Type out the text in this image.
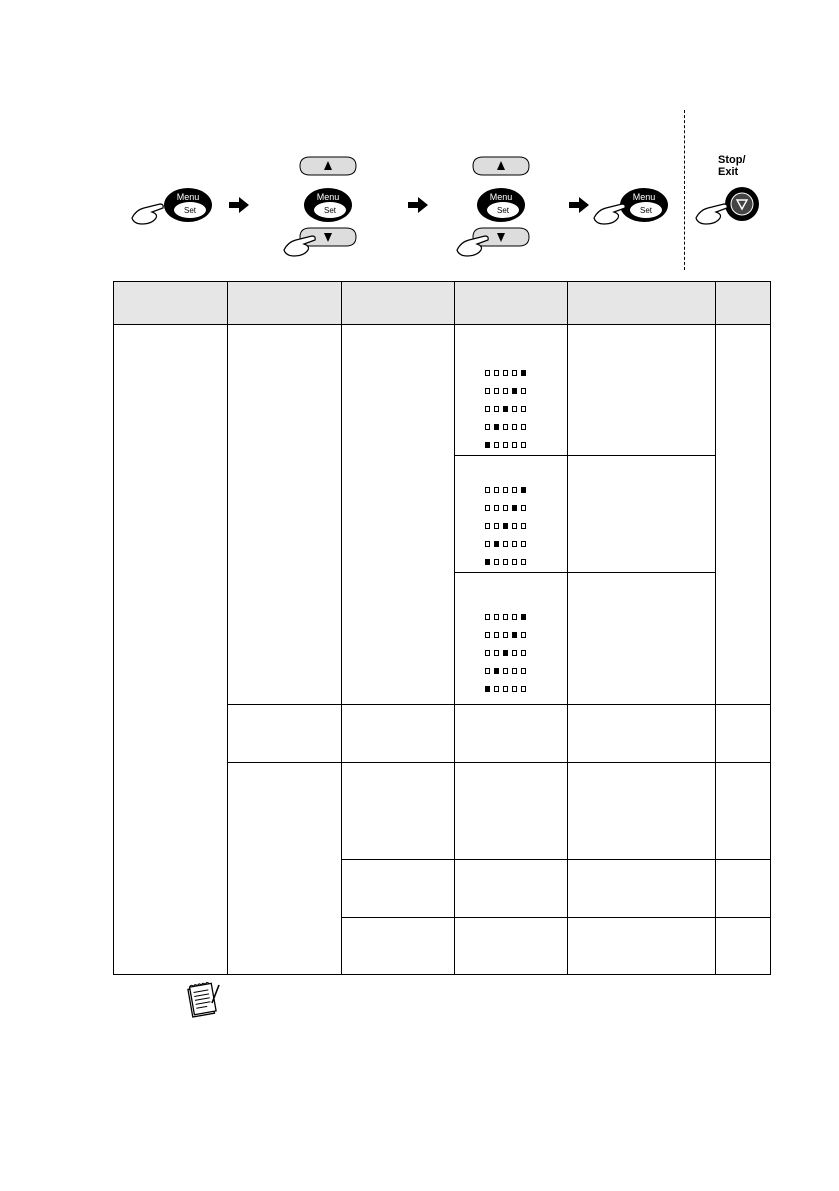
Menu
Set
Menu
Set
Menu
Set
Menu
Set
Stop/
Exit
